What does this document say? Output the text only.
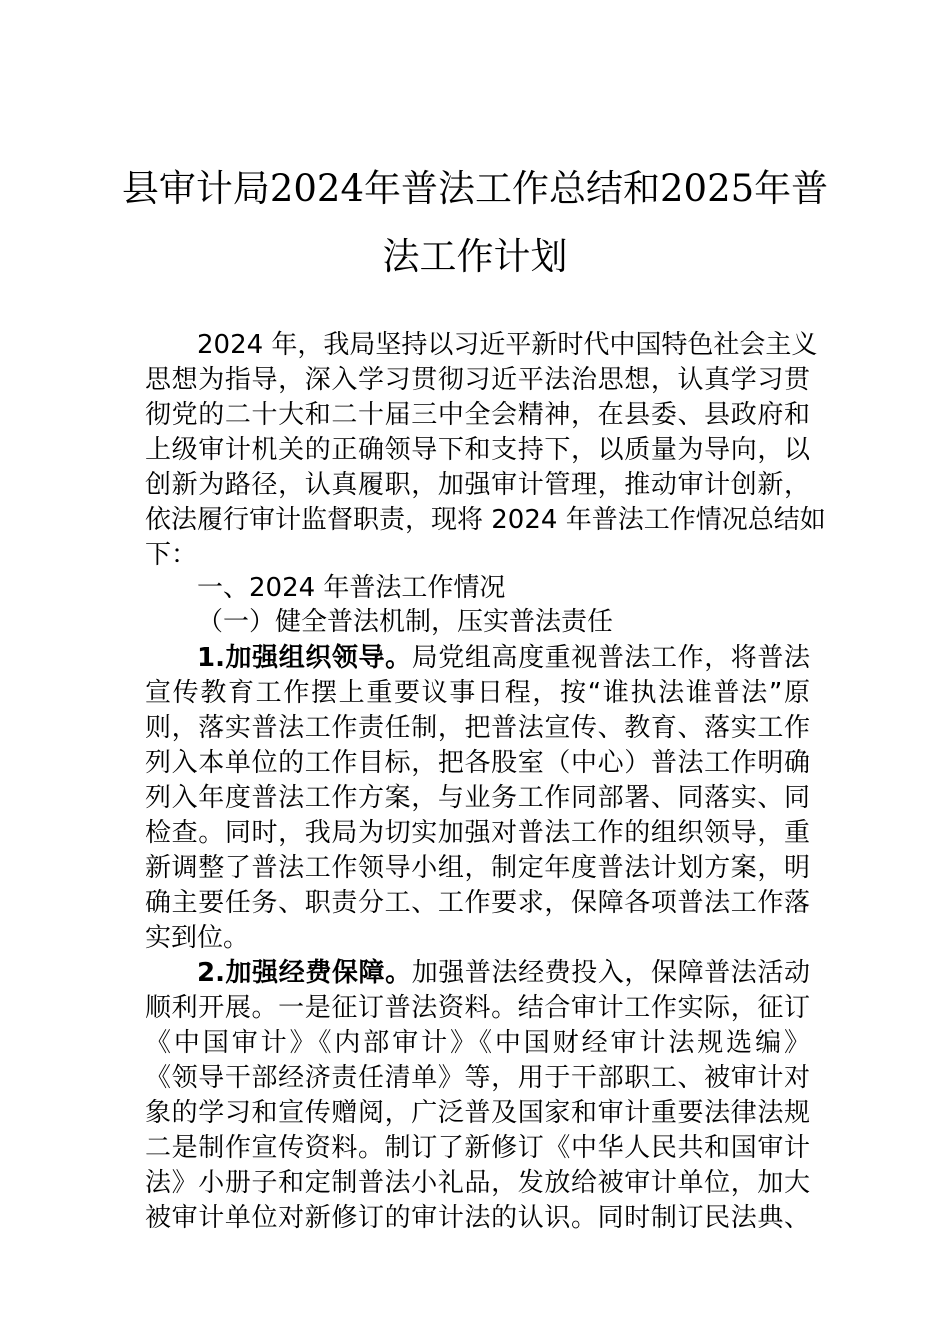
县审计局2024年普法工作总结和2025年普
法工作计划

2024 年，我局坚持以习近平新时代中国特色社会主义

思想为指导，深入学习贯彻习近平法治思想，认真学习贯

彻党的二十大和二十届三中全会精神，在县委、县政府和

上级审计机关的正确领导下和支持下，以质量为导向，以

创新为路径，认真履职，加强审计管理，推动审计创新，

依法履行审计监督职责，现将 2024 年普法工作情况总结如

下：

一、2024 年普法工作情况

（一）健全普法机制，压实普法责任

1.加强组织领导。局党组高度重视普法工作，将普法

宣传教育工作摆上重要议事日程，按“谁执法谁普法”原

则，落实普法工作责任制，把普法宣传、教育、落实工作

列入本单位的工作目标，把各股室（中心）普法工作明确

列入年度普法工作方案，与业务工作同部署、同落实、同

检查。同时，我局为切实加强对普法工作的组织领导，重

新调整了普法工作领导小组，制定年度普法计划方案，明

确主要任务、职责分工、工作要求，保障各项普法工作落

实到位。

2.加强经费保障。加强普法经费投入，保障普法活动

顺利开展。一是征订普法资料。结合审计工作实际，征订

《中国审计》《内部审计》《中国财经审计法规选编》

《领导干部经济责任清单》等，用于干部职工、被审计对

象的学习和宣传赠阅，广泛普及国家和审计重要法律法规

二是制作宣传资料。制订了新修订《中华人民共和国审计

法》小册子和定制普法小礼品，发放给被审计单位，加大

被审计单位对新修订的审计法的认识。同时制订民法典、
